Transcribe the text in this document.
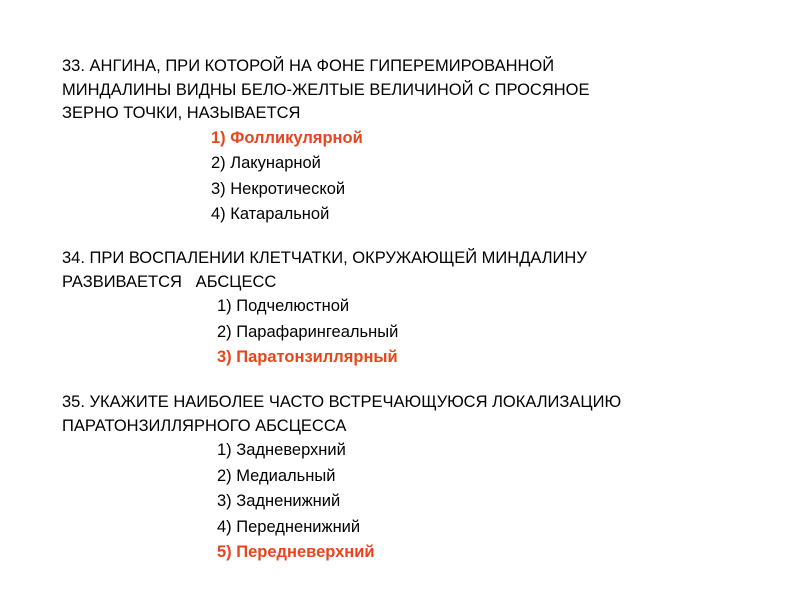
33. АНГИНА, ПРИ КОТОРОЙ НА ФОНЕ ГИПЕРЕМИРОВАННОЙ
МИНДАЛИНЫ ВИДНЫ БЕЛО-ЖЕЛТЫЕ ВЕЛИЧИНОЙ С ПРОСЯНОЕ
ЗЕРНО ТОЧКИ, НАЗЫВАЕТСЯ

1) Фолликулярной
2) Лакунарной
3) Некротической
4) Катаральной

34. ПРИ ВОСПАЛЕНИИ КЛЕТЧАТКИ, ОКРУЖАЮЩЕЙ МИНДАЛИНУ
РАЗВИВАЕТСЯ   АБСЦЕСС

1) Подчелюстной
2) Парафарингеальный
3) Паратонзиллярный

35. УКАЖИТЕ НАИБОЛЕЕ ЧАСТО ВСТРЕЧАЮЩУЮСЯ ЛОКАЛИЗАЦИЮ
ПАРАТОНЗИЛЛЯРНОГО АБСЦЕССА

1) Задневерхний
2) Медиальный
3) Задненижний
4) Передненижний
5) Передневерхний
